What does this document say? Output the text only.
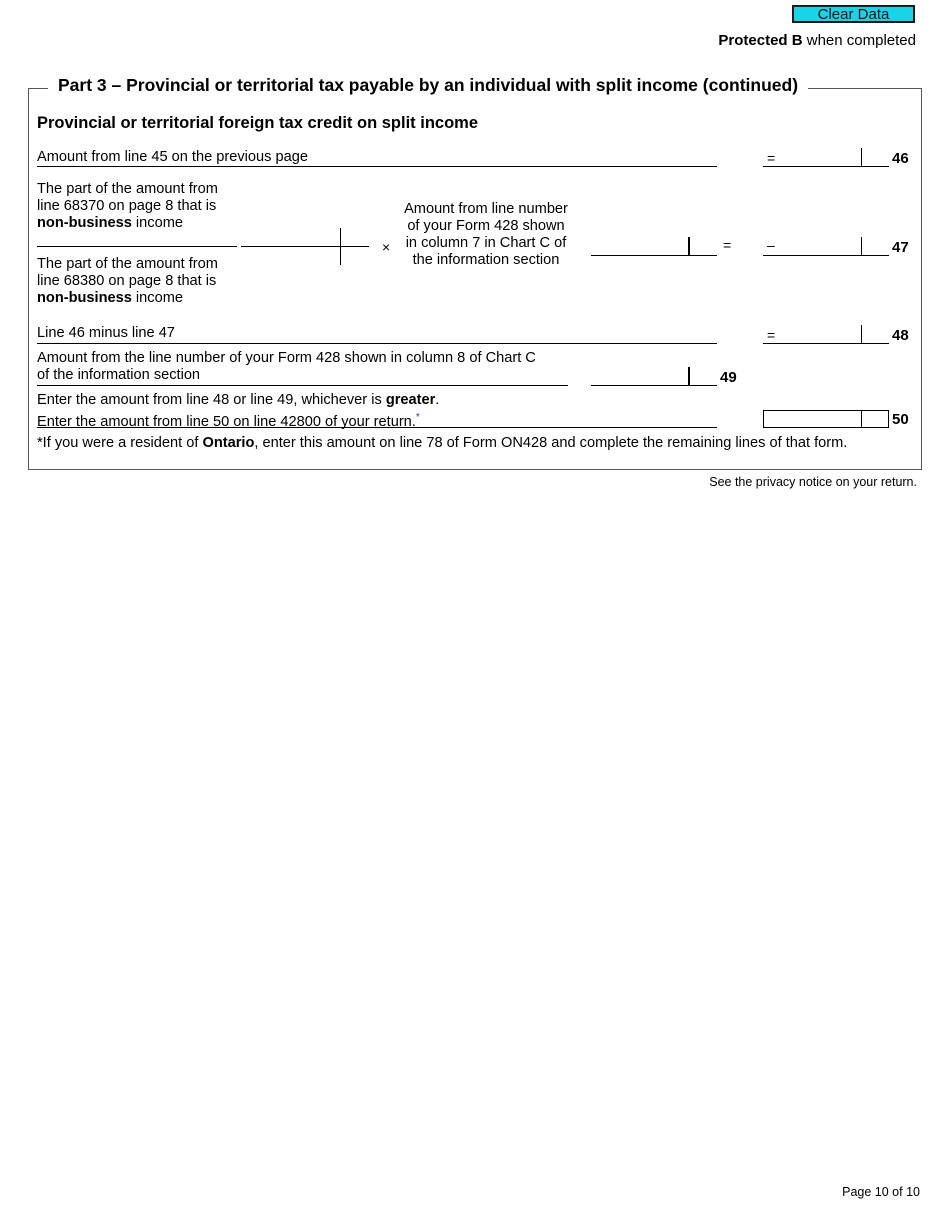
Clear Data
Protected B when completed
Part 3 – Provincial or territorial tax payable by an individual with split income (continued)
Provincial or territorial foreign tax credit on split income
Amount from line 45 on the previous page	=	46
The part of the amount from line 68370 on page 8 that is non-business income
The part of the amount from line 68380 on page 8 that is non-business income
×
Amount from line number of your Form 428 shown in column 7 in Chart C of the information section
=	–	47
Line 46 minus line 47	=	48
Amount from the line number of your Form 428 shown in column 8 of Chart C
of the information section	49
Enter the amount from line 48 or line 49, whichever is greater.
Enter the amount from line 50 on line 42800 of your return.*	50
*If you were a resident of Ontario, enter this amount on line 78 of Form ON428 and complete the remaining lines of that form.
See the privacy notice on your return.
Page 10 of 10
